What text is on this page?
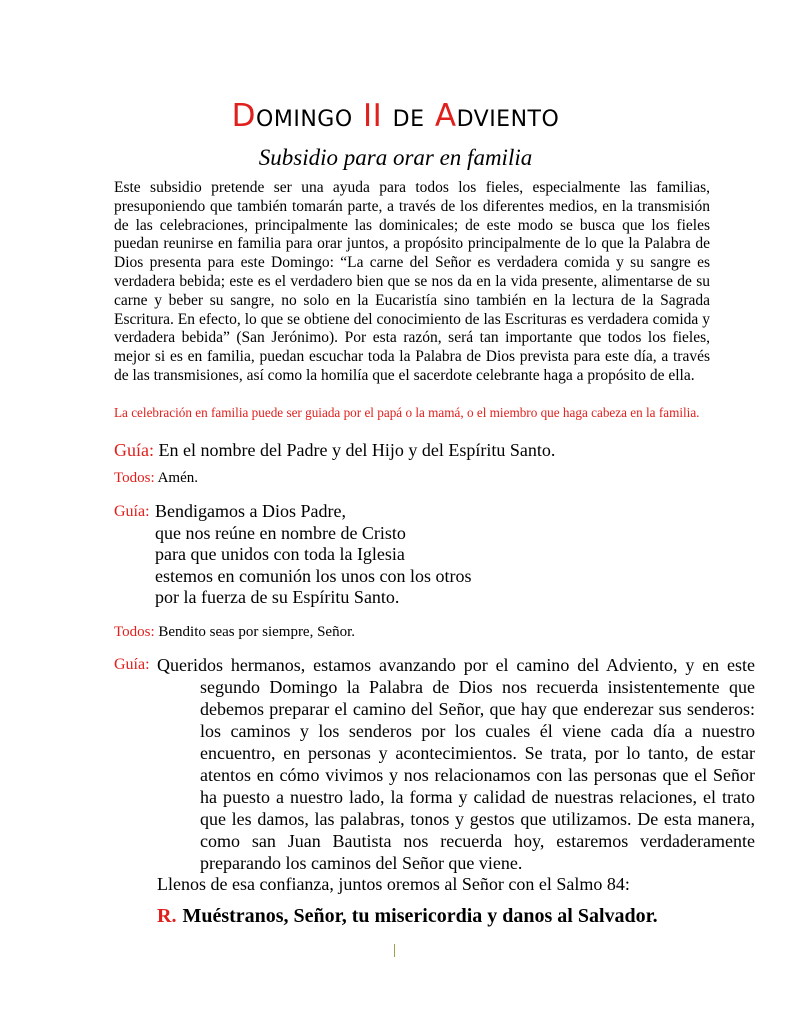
Domingo II de Adviento
Subsidio para orar en familia
Este subsidio pretende ser una ayuda para todos los fieles, especialmente las familias, presuponiendo que también tomarán parte, a través de los diferentes medios, en la transmisión de las celebraciones, principalmente las dominicales; de este modo se busca que los fieles puedan reunirse en familia para orar juntos, a propósito principalmente de lo que la Palabra de Dios presenta para este Domingo: “La carne del Señor es verdadera comida y su sangre es verdadera bebida; este es el verdadero bien que se nos da en la vida presente, alimentarse de su carne y beber su sangre, no solo en la Eucaristía sino también en la lectura de la Sagrada Escritura. En efecto, lo que se obtiene del conocimiento de las Escrituras es verdadera comida y verdadera bebida” (San Jerónimo). Por esta razón, será tan importante que todos los fieles, mejor si es en familia, puedan escuchar toda la Palabra de Dios prevista para este día, a través de las transmisiones, así como la homilía que el sacerdote celebrante haga a propósito de ella.
La celebración en familia puede ser guiada por el papá o la mamá, o el miembro que haga cabeza en la familia.
Guía: En el nombre del Padre y del Hijo y del Espíritu Santo.
Todos: Amén.
Guía: Bendigamos a Dios Padre,
que nos reúne en nombre de Cristo
para que unidos con toda la Iglesia
estemos en comunión los unos con los otros
por la fuerza de su Espíritu Santo.
Todos: Bendito seas por siempre, Señor.
Guía: Queridos hermanos, estamos avanzando por el camino del Adviento, y en este segundo Domingo la Palabra de Dios nos recuerda insistentemente que debemos preparar el camino del Señor, que hay que enderezar sus senderos: los caminos y los senderos por los cuales él viene cada día a nuestro encuentro, en personas y acontecimientos. Se trata, por lo tanto, de estar atentos en cómo vivimos y nos relacionamos con las personas que el Señor ha puesto a nuestro lado, la forma y calidad de nuestras relaciones, el trato que les damos, las palabras, tonos y gestos que utilizamos. De esta manera, como san Juan Bautista nos recuerda hoy, estaremos verdaderamente preparando los caminos del Señor que viene.
Llenos de esa confianza, juntos oremos al Señor con el Salmo 84:
R. Muéstranos, Señor, tu misericordia y danos al Salvador.
